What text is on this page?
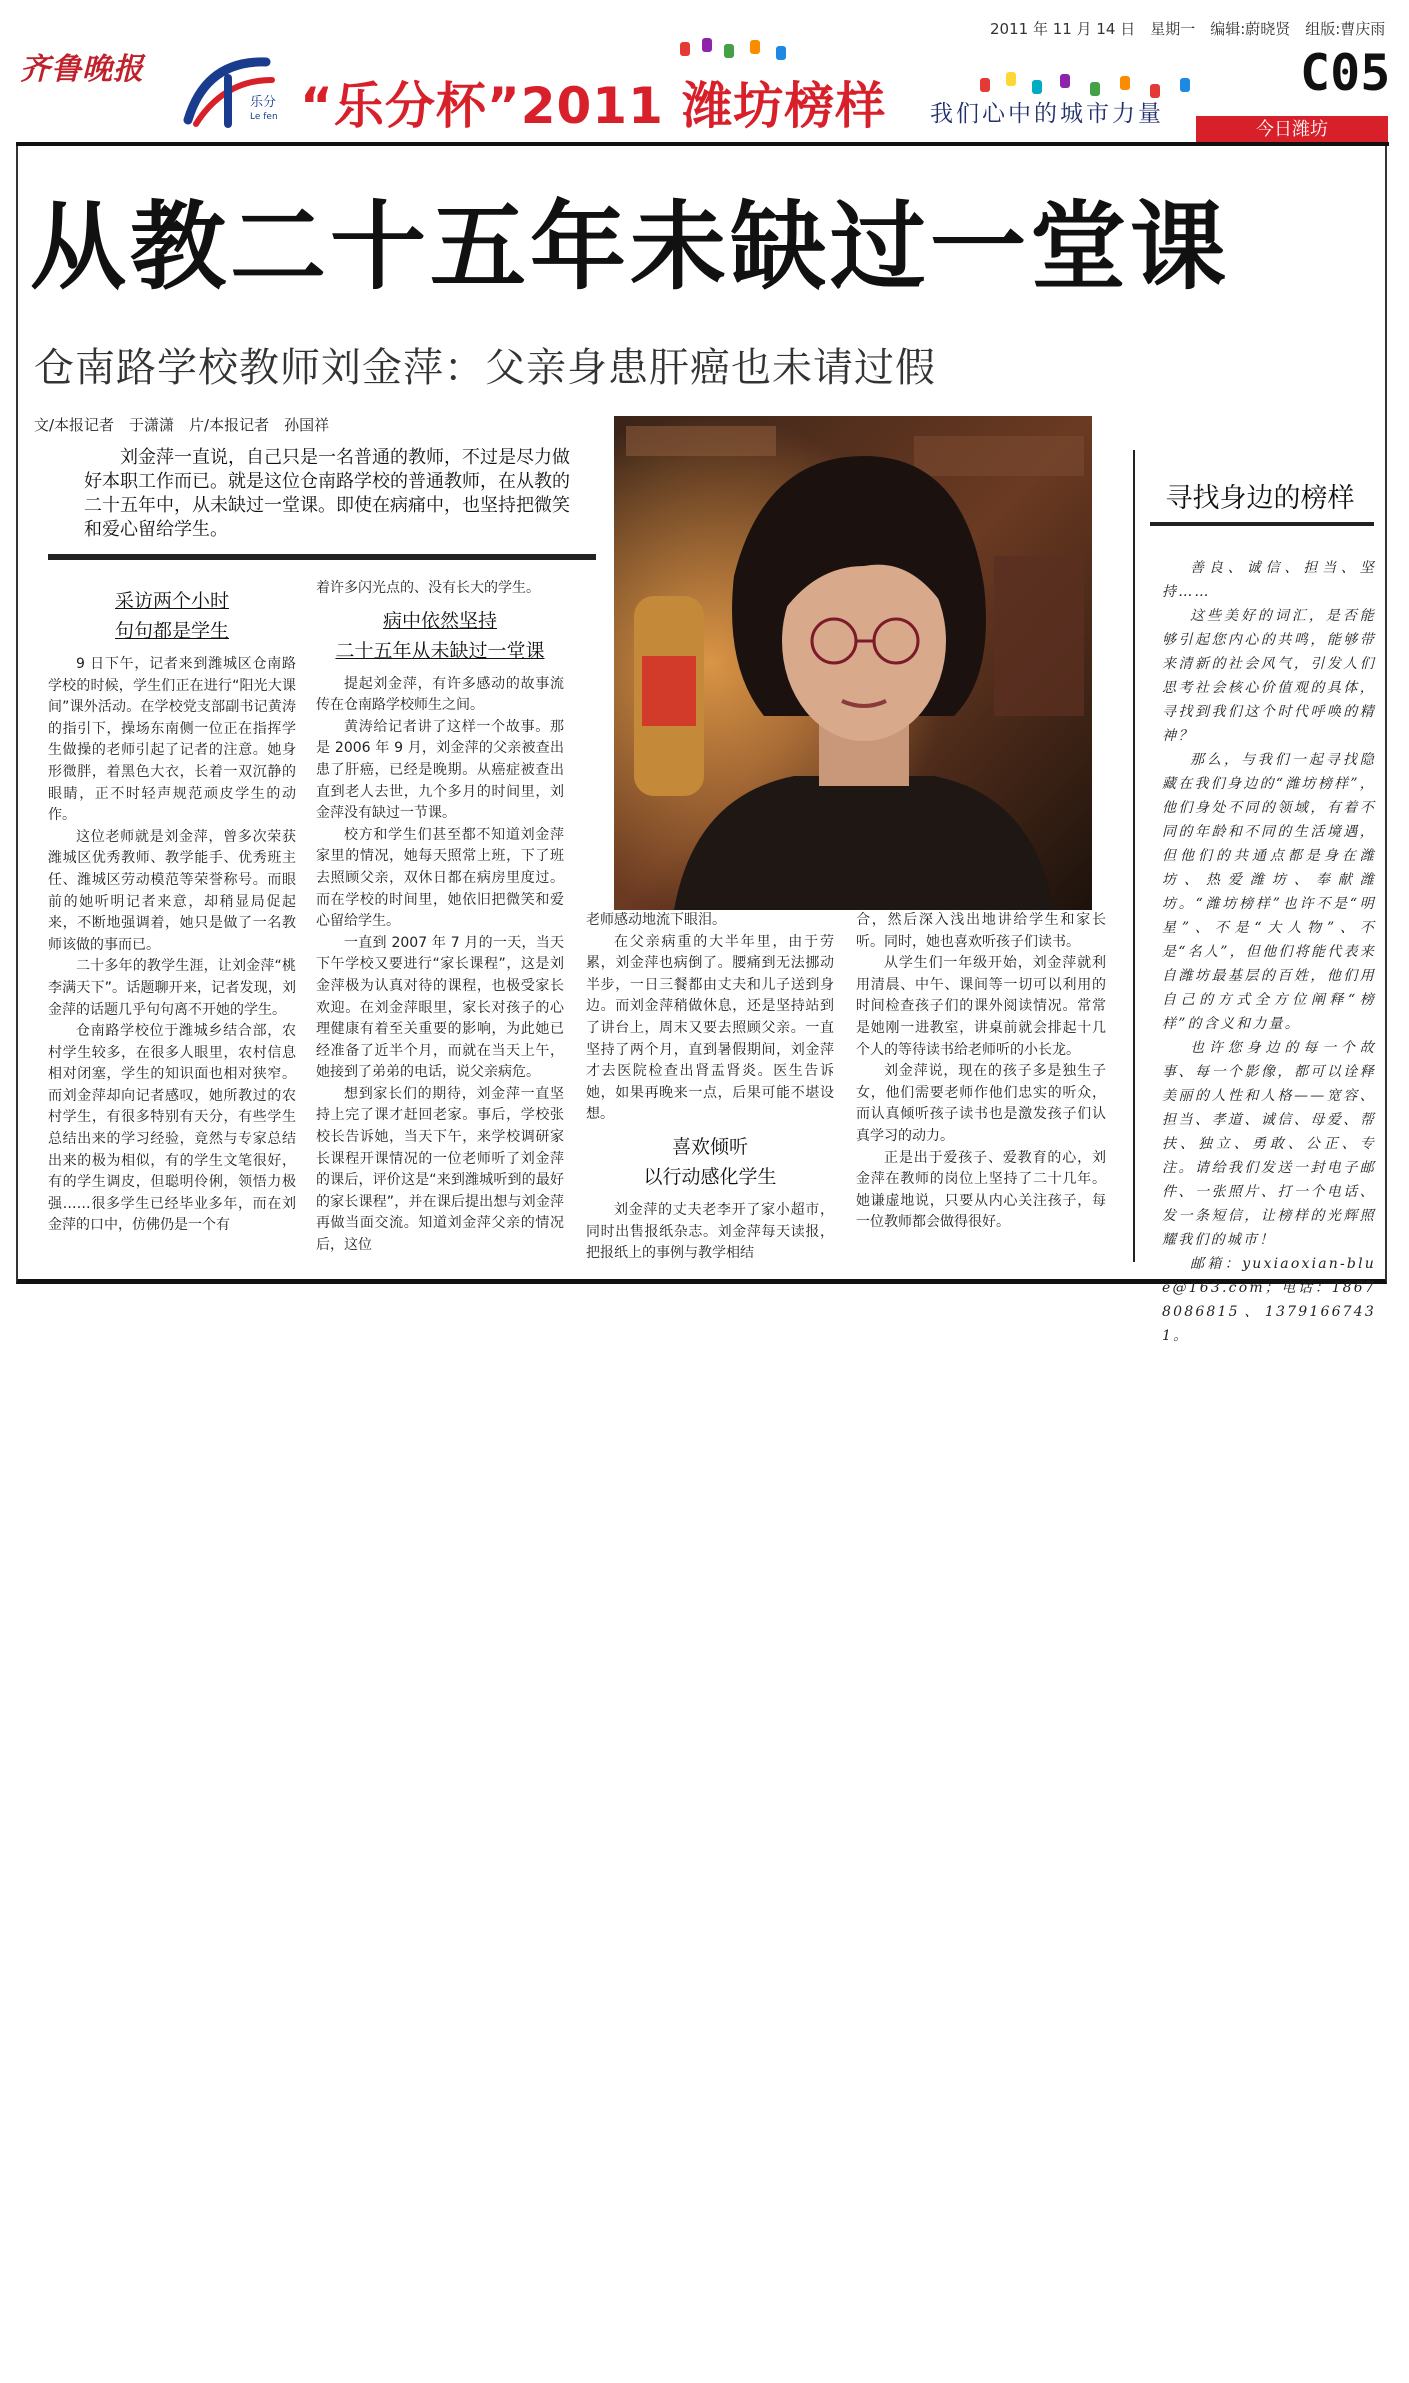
齐鲁晚报
2011 年 11 月 14 日　星期一　编辑:蔚晓贤　组版:曹庆雨
乐分
Le fen “乐分杯”2011 潍坊榜样 我们心中的城市力量
C05
今日潍坊
从教二十五年未缺过一堂课
仓南路学校教师刘金萍：父亲身患肝癌也未请过假
文/本报记者　于潇潇　片/本报记者　孙国祥
刘金萍一直说，自己只是一名普通的教师，不过是尽力做好本职工作而已。就是这位仓南路学校的普通教师，在从教的二十五年中，从未缺过一堂课。即使在病痛中，也坚持把微笑和爱心留给学生。
采访两个小时
句句都是学生

9 日下午，记者来到潍城区仓南路学校的时候，学生们正在进行“阳光大课间”课外活动。在学校党支部副书记黄涛的指引下，操场东南侧一位正在指挥学生做操的老师引起了记者的注意。她身形微胖，着黑色大衣，长着一双沉静的眼睛，正不时轻声规范顽皮学生的动作。

这位老师就是刘金萍，曾多次荣获潍城区优秀教师、教学能手、优秀班主任、潍城区劳动模范等荣誉称号。而眼前的她听明记者来意，却稍显局促起来，不断地强调着，她只是做了一名教师该做的事而已。

二十多年的教学生涯，让刘金萍“桃李满天下”。话题聊开来，记者发现，刘金萍的话题几乎句句离不开她的学生。

仓南路学校位于潍城乡结合部，农村学生较多，在很多人眼里，农村信息相对闭塞，学生的知识面也相对狭窄。而刘金萍却向记者感叹，她所教过的农村学生，有很多特别有天分，有些学生总结出来的学习经验，竟然与专家总结出来的极为相似，有的学生文笔很好，有的学生调皮，但聪明伶俐，领悟力极强……很多学生已经毕业多年，而在刘金萍的口中，仿佛仍是一个有

着许多闪光点的、没有长大的学生。

病中依然坚持
二十五年从未缺过一堂课

提起刘金萍，有许多感动的故事流传在仓南路学校师生之间。

黄涛给记者讲了这样一个故事。那是 2006 年 9 月，刘金萍的父亲被查出患了肝癌，已经是晚期。从癌症被查出直到老人去世，九个多月的时间里，刘金萍没有缺过一节课。

校方和学生们甚至都不知道刘金萍家里的情况，她每天照常上班，下了班去照顾父亲，双休日都在病房里度过。而在学校的时间里，她依旧把微笑和爱心留给学生。

一直到 2007 年 7 月的一天，当天下午学校又要进行“家长课程”，这是刘金萍极为认真对待的课程，也极受家长欢迎。在刘金萍眼里，家长对孩子的心理健康有着至关重要的影响，为此她已经准备了近半个月，而就在当天上午，她接到了弟弟的电话，说父亲病危。

想到家长们的期待，刘金萍一直坚持上完了课才赶回老家。事后，学校张校长告诉她，当天下午，来学校调研家长课程开课情况的一位老师听了刘金萍的课后，评价这是“来到潍城听到的最好的家长课程”，并在课后提出想与刘金萍再做当面交流。知道刘金萍父亲的情况后，这位

老师感动地流下眼泪。

在父亲病重的大半年里，由于劳累，刘金萍也病倒了。腰痛到无法挪动半步，一日三餐都由丈夫和儿子送到身边。而刘金萍稍做休息，还是坚持站到了讲台上，周末又要去照顾父亲。一直坚持了两个月，直到暑假期间，刘金萍才去医院检查出肾盂肾炎。医生告诉她，如果再晚来一点，后果可能不堪设想。

喜欢倾听
以行动感化学生

刘金萍的丈夫老李开了家小超市，同时出售报纸杂志。刘金萍每天读报，把报纸上的事例与教学相结

合，然后深入浅出地讲给学生和家长听。同时，她也喜欢听孩子们读书。

从学生们一年级开始，刘金萍就利用清晨、中午、课间等一切可以利用的时间检查孩子们的课外阅读情况。常常是她刚一进教室，讲桌前就会排起十几个人的等待读书给老师听的小长龙。

刘金萍说，现在的孩子多是独生子女，他们需要老师作他们忠实的听众，而认真倾听孩子读书也是激发孩子们认真学习的动力。

正是出于爱孩子、爱教育的心，刘金萍在教师的岗位上坚持了二十几年。她谦虚地说，只要从内心关注孩子，每一位教师都会做得很好。

寻找身边的榜样

善良、诚信、担当、坚持……

这些美好的词汇，是否能够引起您内心的共鸣，能够带来清新的社会风气，引发人们思考社会核心价值观的具体，寻找到我们这个时代呼唤的精神？

那么，与我们一起寻找隐藏在我们身边的“潍坊榜样”，他们身处不同的领域，有着不同的年龄和不同的生活境遇，但他们的共通点都是身在潍坊、热爱潍坊、奉献潍坊。“潍坊榜样”也许不是“明星”、不是“大人物”、不是“名人”，但他们将能代表来自潍坊最基层的百姓，他们用自己的方式全方位阐释“榜样”的含义和力量。

也许您身边的每一个故事、每一个影像，都可以诠释美丽的人性和人格——宽容、担当、孝道、诚信、母爱、帮扶、独立、勇敢、公正、专注。请给我们发送一封电子邮件、一张照片、打一个电话、发一条短信，让榜样的光辉照耀我们的城市！

邮箱：yuxiaoxian-blue@163.com；电话：18678086815、13791667431。
